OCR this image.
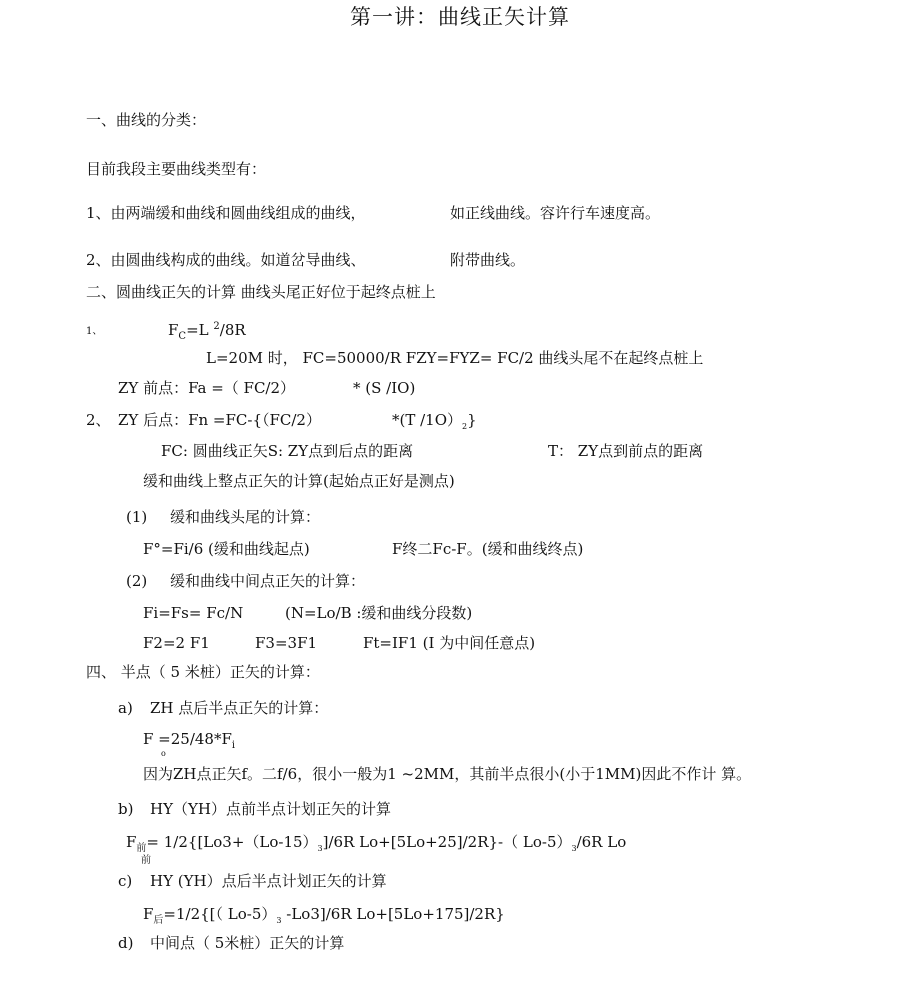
第一讲：曲线正矢计算
一、曲线的分类：
目前我段主要曲线类型有：
1、由两端缓和曲线和圆曲线组成的曲线，	如正线曲线。容许行车速度高。
2、由圆曲线构成的曲线。如道岔导曲线、	附带曲线。
二、圆曲线正矢的计算 曲线头尾正好位于起终点桩上
1、	$F_C=L$ $^2$/8R
L=20M 时， FC=50000/R FZY=FYZ= FC/2 曲线头尾不在起终点桩上
ZY 前点：Fa =（ FC/2）	* (S /IO)
2、 ZY 后点：Fn =FC-{（FC/2）	*(T $/1O)_2$}
FC: 圆曲线正矢S: ZY点到后点的距离	T： ZY点到前点的距离
缓和曲线上整点正矢的计算(起始点正好是测点)
(1) 缓和曲线头尾的计算：
F°=Fi/6 (缓和曲线起点)	F终二Fc-F。(缓和曲线终点)
(2) 缓和曲线中间点正矢的计算：
Fi=Fs= Fc/N	(N=Lo/B :缓和曲线分段数)
F2=2 F1	F3=3F1	Ft=IF1 (I 为中间任意点)
四、 半点（ 5 米桩）正矢的计算：
a) ZH 点后半点正矢的计算：
$F =25/48*F_i$
o
因为ZH点正矢f。二f/6，很小一般为1 ~2MM，其前半点很小(小于1MM)因此不作计 算。
b) HY（YH）点前半点计划正矢的计算
$F_前= 1/2\{[Lo3+(Lo-15)_3]/6R$ Lo+[5Lo+25]/2R}-（ $Lo-5)_3/6R$ Lo
前
c) HY (YH）点后半点计划正矢的计算
$F_后=1/2${[（ $Lo-5)_3$ -Lo3]/6R Lo+[5Lo+175]/2R}
d) 中间点（ 5米桩）正矢的计算
